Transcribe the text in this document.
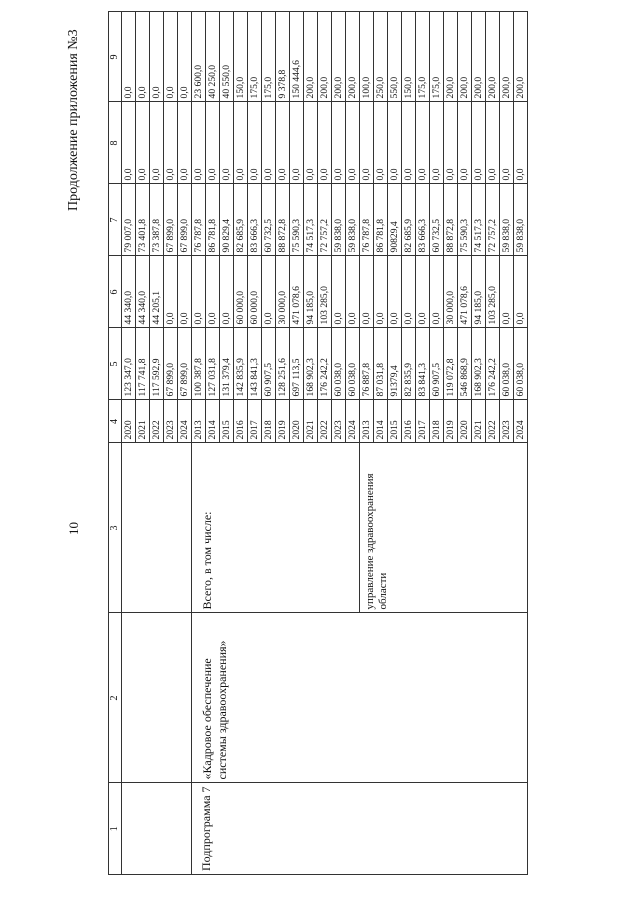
10
Продолжение приложения №3
1	2	3	4	5	6	7	8	9	
			2020	123 347,0	44 340,0	79 007,0	0,0	0,0	
			2021	117 741,8	44 340,0	73 401,8	0,0	0,0	
			2022	117 592,9	44 205,1	73 387,8	0,0	0,0	
			2023	67 899,0	0,0	67 899,0	0,0	0,0	
			2024	67 899,0	0,0	67 899,0	0,0	0,0	
Подпрограмма 7	«Кадровое обеспечение системы здравоохранения»	Всего, в том числе:	2013	100 387,8	0,0	76 787,8	0,0	23 600,0	
			2014	127 031,8	0,0	86 781,8	0,0	40 250,0	
			2015	131 379,4	0,0	90 829,4	0,0	40 550,0	
			2016	142 835,9	60 000,0	82 685,9	0,0	150,0	
			2017	143 841,3	60 000,0	83 666,3	0,0	175,0	
			2018	60 907,5	0,0	60 732,5	0,0	175,0	
			2019	128 251,6	30 000,0	88 872,8	0,0	9 378,8	
			2020	697 113,5	471 078,6	75 590,3	0,0	150 444,6	
			2021	168 902,3	94 185,0	74 517,3	0,0	200,0	
			2022	176 242,2	103 285,0	72 757,2	0,0	200,0	
			2023	60 038,0	0,0	59 838,0	0,0	200,0	
			2024	60 038,0	0,0	59 838,0	0,0	200,0	
		управление здравоохранения области	2013	76 887,8	0,0	76 787,8	0,0	100,0	
			2014	87 031,8	0,0	86 781,8	0,0	250,0	
			2015	91379,4	0,0	90829,4	0,0	550,0	
			2016	82 835,9	0,0	82 685,9	0,0	150,0	
			2017	83 841,3	0,0	83 666,3	0,0	175,0	
			2018	60 907,5	0,0	60 732,5	0,0	175,0	
			2019	119 072,8	30 000,0	88 872,8	0,0	200,0	
			2020	546 868,9	471 078,6	75 590,3	0,0	200,0	
			2021	168 902,3	94 185,0	74 517,3	0,0	200,0	
			2022	176 242,2	103 285,0	72 757,2	0,0	200,0	
			2023	60 038,0	0,0	59 838,0	0,0	200,0	
			2024	60 038,0	0,0	59 838,0	0,0	200,0	
